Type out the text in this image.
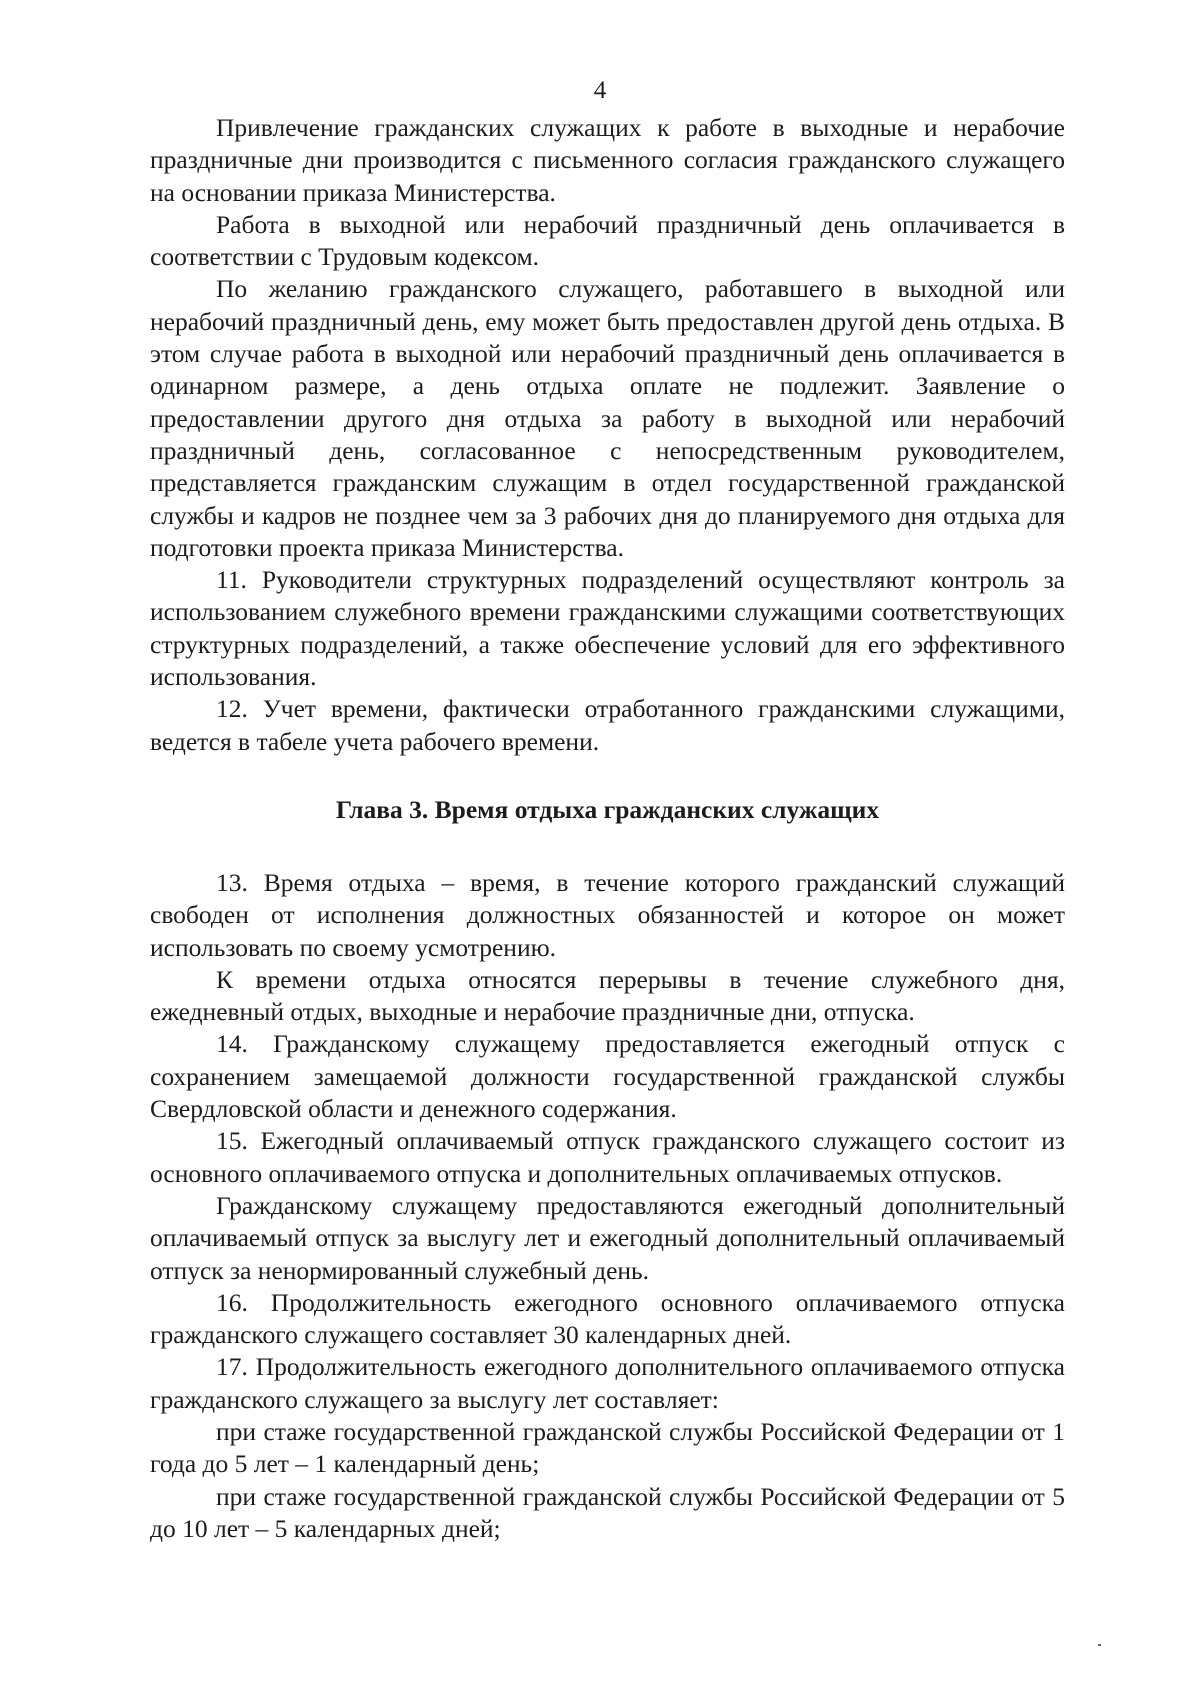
4

Привлечение гражданских служащих к работе в выходные и нерабочие праздничные дни производится с письменного согласия гражданского служащего на основании приказа Министерства.

Работа в выходной или нерабочий праздничный день оплачивается в соответствии с Трудовым кодексом.

По желанию гражданского служащего, работавшего в выходной или нерабочий праздничный день, ему может быть предоставлен другой день отдыха. В этом случае работа в выходной или нерабочий праздничный день оплачивается в одинарном размере, а день отдыха оплате не подлежит. Заявление о предоставлении другого дня отдыха за работу в выходной или нерабочий праздничный день, согласованное с непосредственным руководителем, представляется гражданским служащим в отдел государственной гражданской службы и кадров не позднее чем за 3 рабочих дня до планируемого дня отдыха для подготовки проекта приказа Министерства.

11. Руководители структурных подразделений осуществляют контроль за использованием служебного времени гражданскими служащими соответствующих структурных подразделений, а также обеспечение условий для его эффективного использования.

12. Учет времени, фактически отработанного гражданскими служащими, ведется в табеле учета рабочего времени.

Глава 3. Время отдыха гражданских служащих

13. Время отдыха – время, в течение которого гражданский служащий свободен от исполнения должностных обязанностей и которое он может использовать по своему усмотрению.

К времени отдыха относятся перерывы в течение служебного дня, ежедневный отдых, выходные и нерабочие праздничные дни, отпуска.

14. Гражданскому служащему предоставляется ежегодный отпуск с сохранением замещаемой должности государственной гражданской службы Свердловской области и денежного содержания.

15. Ежегодный оплачиваемый отпуск гражданского служащего состоит из основного оплачиваемого отпуска и дополнительных оплачиваемых отпусков.

Гражданскому служащему предоставляются ежегодный дополнительный оплачиваемый отпуск за выслугу лет и ежегодный дополнительный оплачиваемый отпуск за ненормированный служебный день.

16. Продолжительность ежегодного основного оплачиваемого отпуска гражданского служащего составляет 30 календарных дней.

17. Продолжительность ежегодного дополнительного оплачиваемого отпуска гражданского служащего за выслугу лет составляет:

при стаже государственной гражданской службы Российской Федерации от 1 года до 5 лет – 1 календарный день;

при стаже государственной гражданской службы Российской Федерации от 5 до 10 лет – 5 календарных дней;
